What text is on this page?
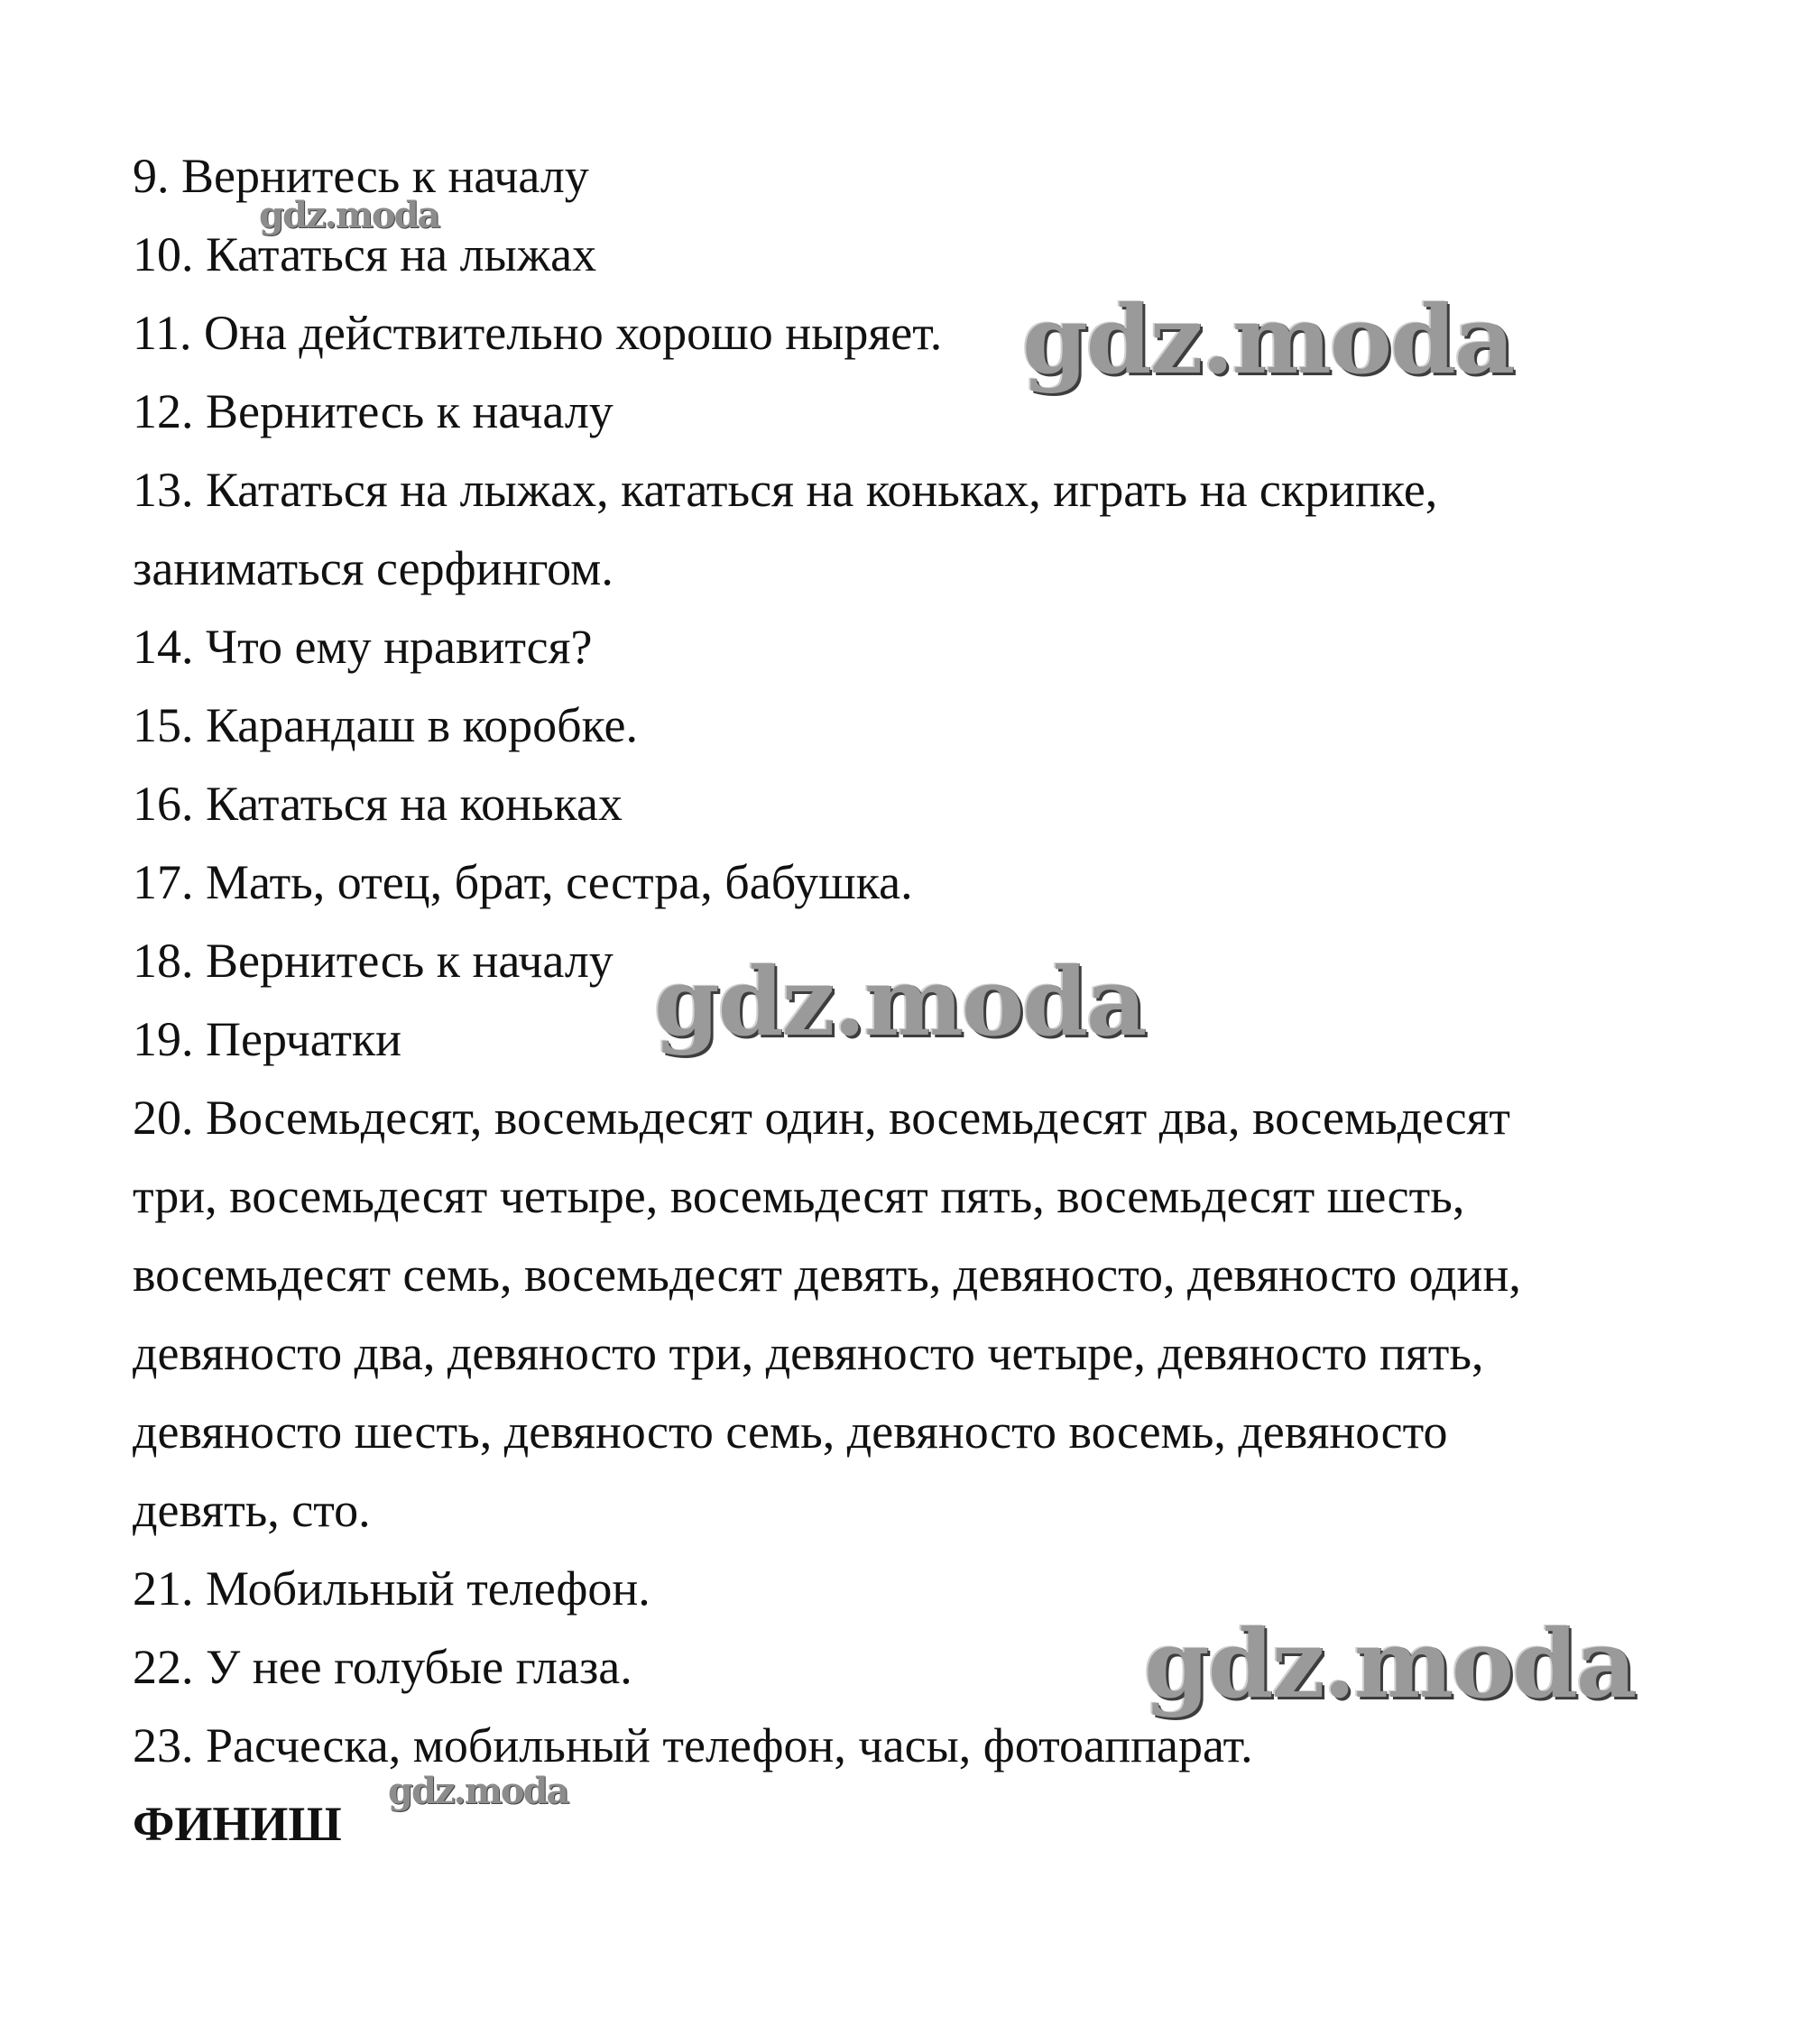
9. Вернитесь к началу

10. Кататься на лыжах

11. Она действительно хорошо ныряет.

12. Вернитесь к началу

13. Кататься на лыжах, кататься на коньках, играть на скрипке,

заниматься серфингом.

14. Что ему нравится?

15. Карандаш в коробке.

16. Кататься на коньках

17. Мать, отец, брат, сестра, бабушка.

18. Вернитесь к началу

19. Перчатки

20. Восемьдесят, восемьдесят один, восемьдесят два, восемьдесят

три, восемьдесят четыре, восемьдесят пять, восемьдесят шесть,

восемьдесят семь, восемьдесят девять, девяносто, девяносто один,

девяносто два, девяносто три, девяносто четыре, девяносто пять,

девяносто шесть, девяносто семь, девяносто восемь, девяносто

девять, сто.

21. Мобильный телефон.

22. У нее голубые глаза.

23. Расческа, мобильный телефон, часы, фотоаппарат.

ФИНИШ

gdz.moda
gdz.moda
gdz.moda
gdz.moda
gdz.moda
